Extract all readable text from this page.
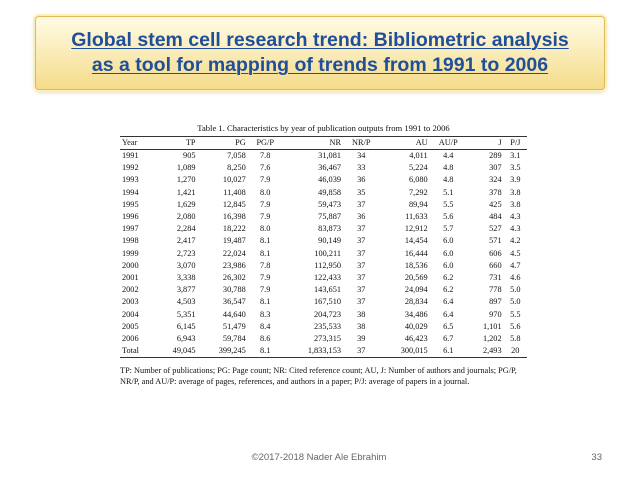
Global stem cell research trend: Bibliometric analysis
as a tool for mapping of trends from 1991 to 2006
Table 1. Characteristics by year of publication outputs from 1991 to 2006
Year	TP	PG	PG/P	NR	NR/P	AU	AU/P	J	P/J
1991	905	7,058	7.8	31,081	34	4,011	4.4	289	3.1
1992	1,089	8,250	7.6	36,467	33	5,224	4.8	307	3.5
1993	1,270	10,027	7.9	46,039	36	6,080	4.8	324	3.9
1994	1,421	11,408	8.0	49,858	35	7,292	5.1	378	3.8
1995	1,629	12,845	7.9	59,473	37	89,94	5.5	425	3.8
1996	2,080	16,398	7.9	75,887	36	11,633	5.6	484	4.3
1997	2,284	18,222	8.0	83,873	37	12,912	5.7	527	4.3
1998	2,417	19,487	8.1	90,149	37	14,454	6.0	571	4.2
1999	2,723	22,024	8.1	100,211	37	16,444	6.0	606	4.5
2000	3,070	23,986	7.8	112,950	37	18,536	6.0	660	4.7
2001	3,338	26,302	7.9	122,433	37	20,569	6.2	731	4.6
2002	3,877	30,788	7.9	143,651	37	24,094	6.2	778	5.0
2003	4,503	36,547	8.1	167,510	37	28,834	6.4	897	5.0
2004	5,351	44,640	8.3	204,723	38	34,486	6.4	970	5.5
2005	6,145	51,479	8.4	235,533	38	40,029	6.5	1,101	5.6
2006	6,943	59,784	8.6	273,315	39	46,423	6.7	1,202	5.8
Total	49,045	399,245	8.1	1,833,153	37	300,015	6.1	2,493	20
TP: Number of publications; PG: Page count; NR: Cited reference count; AU, J: Number of authors and journals; PG/P, NR/P, and AU/P: average of pages, references, and authors in a paper; P/J: average of papers in a journal.
©2017-2018 Nader Ale Ebrahim	33
